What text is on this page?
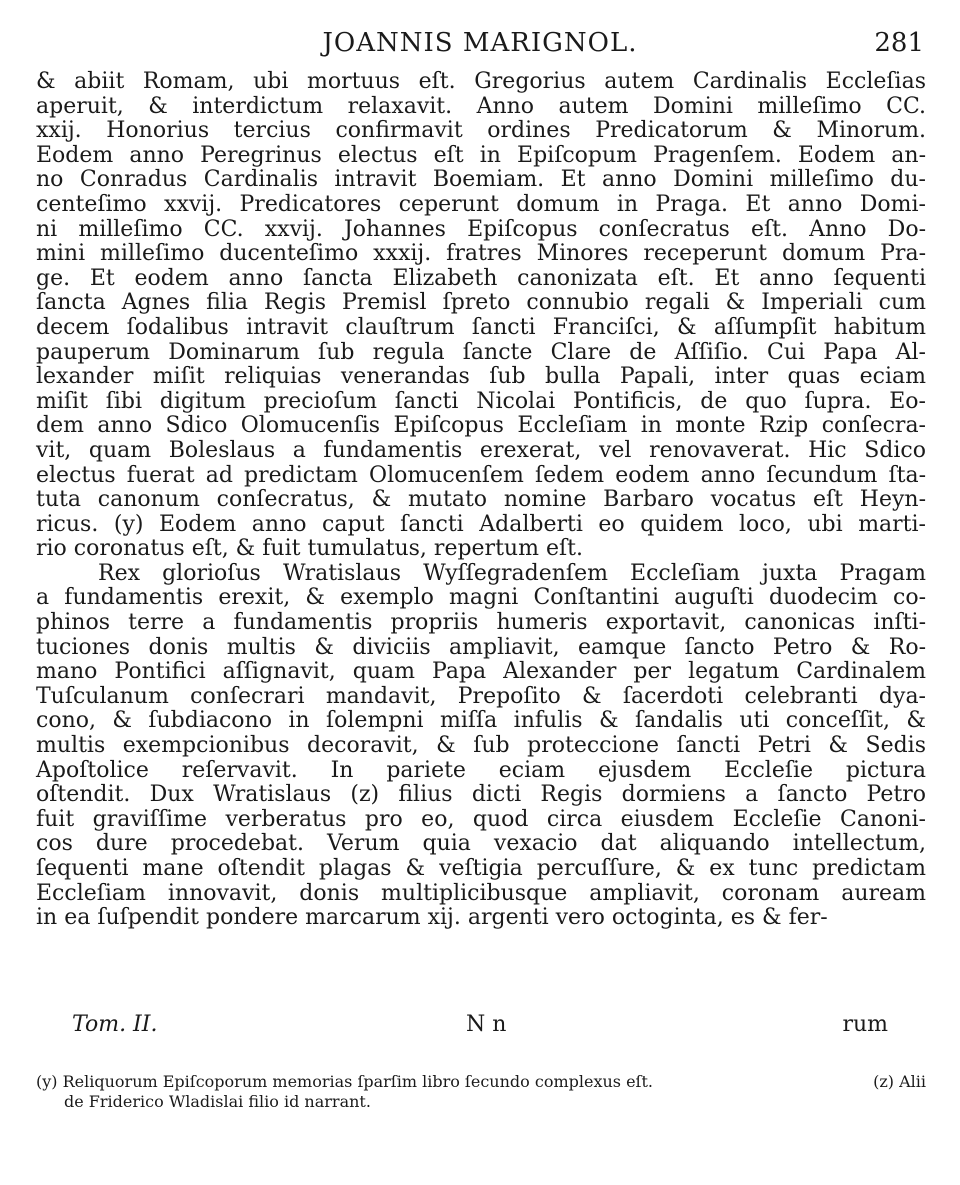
JOANNIS MARIGNOL.	281
& abiit Romam, ubi mortuus eſt. Gregorius autem Cardinalis Eccleſias
aperuit, & interdictum relaxavit. Anno autem Domini milleſimo CC.
xxij. Honorius tercius confirmavit ordines Predicatorum & Minorum.
Eodem anno Peregrinus electus eſt in Epiſcopum Pragenſem. Eodem an-
no Conradus Cardinalis intravit Boemiam. Et anno Domini milleſimo du-
centeſimo xxvij. Predicatores ceperunt domum in Praga. Et anno Domi-
ni milleſimo CC. xxvij. Johannes Epiſcopus conſecratus eſt. Anno Do-
mini milleſimo ducenteſimo xxxij. fratres Minores receperunt domum Pra-
ge. Et eodem anno ſancta Elizabeth canonizata eſt. Et anno ſequenti
ſancta Agnes filia Regis Premisl ſpreto connubio regali & Imperiali cum
decem ſodalibus intravit clauſtrum ſancti Franciſci, & aſſumpſit habitum
pauperum Dominarum ſub regula ſancte Clare de Aſſiſio. Cui Papa Al-
lexander miſit reliquias venerandas ſub bulla Papali, inter quas eciam
miſit ſibi digitum precioſum ſancti Nicolai Pontificis, de quo ſupra. Eo-
dem anno Sdico Olomucenſis Epiſcopus Eccleſiam in monte Rzip conſecra-
vit, quam Boleslaus a fundamentis erexerat, vel renovaverat. Hic Sdico
electus fuerat ad predictam Olomucenſem ſedem eodem anno ſecundum ſta-
tuta canonum conſecratus, & mutato nomine Barbaro vocatus eſt Heyn-
ricus. (y) Eodem anno caput ſancti Adalberti eo quidem loco, ubi marti-
rio coronatus eſt, & fuit tumulatus, repertum eſt.
Rex glorioſus Wratislaus Wyſſegradenſem Eccleſiam juxta Pragam
a fundamentis erexit, & exemplo magni Conſtantini auguſti duodecim co-
phinos terre a fundamentis propriis humeris exportavit, canonicas inſti-
tuciones donis multis & diviciis ampliavit, eamque ſancto Petro & Ro-
mano Pontifici aſſignavit, quam Papa Alexander per legatum Cardinalem
Tuſculanum conſecrari mandavit, Prepoſito & ſacerdoti celebranti dya-
cono, & ſubdiacono in ſolempni miſſa infulis & ſandalis uti conceſſit, &
multis exempcionibus decoravit, & ſub proteccione ſancti Petri & Sedis
Apoſtolice reſervavit. In pariete eciam ejusdem Eccleſie pictura
oſtendit. Dux Wratislaus (z) filius dicti Regis dormiens a ſancto Petro
fuit graviſſime verberatus pro eo, quod circa eiusdem Eccleſie Canoni-
cos dure procedebat. Verum quia vexacio dat aliquando intellectum,
ſequenti mane oſtendit plagas & veſtigia percuſſure, & ex tunc predictam
Eccleſiam innovavit, donis multiplicibusque ampliavit, coronam auream
in ea ſuſpendit pondere marcarum xij. argenti vero octoginta, es & fer-
Tom. II.	N n	rum
(y) Reliquorum Epiſcoporum memorias ſparſim libro ſecundo complexus eſt.	(z) Alii
de Friderico Wladislai filio id narrant.
